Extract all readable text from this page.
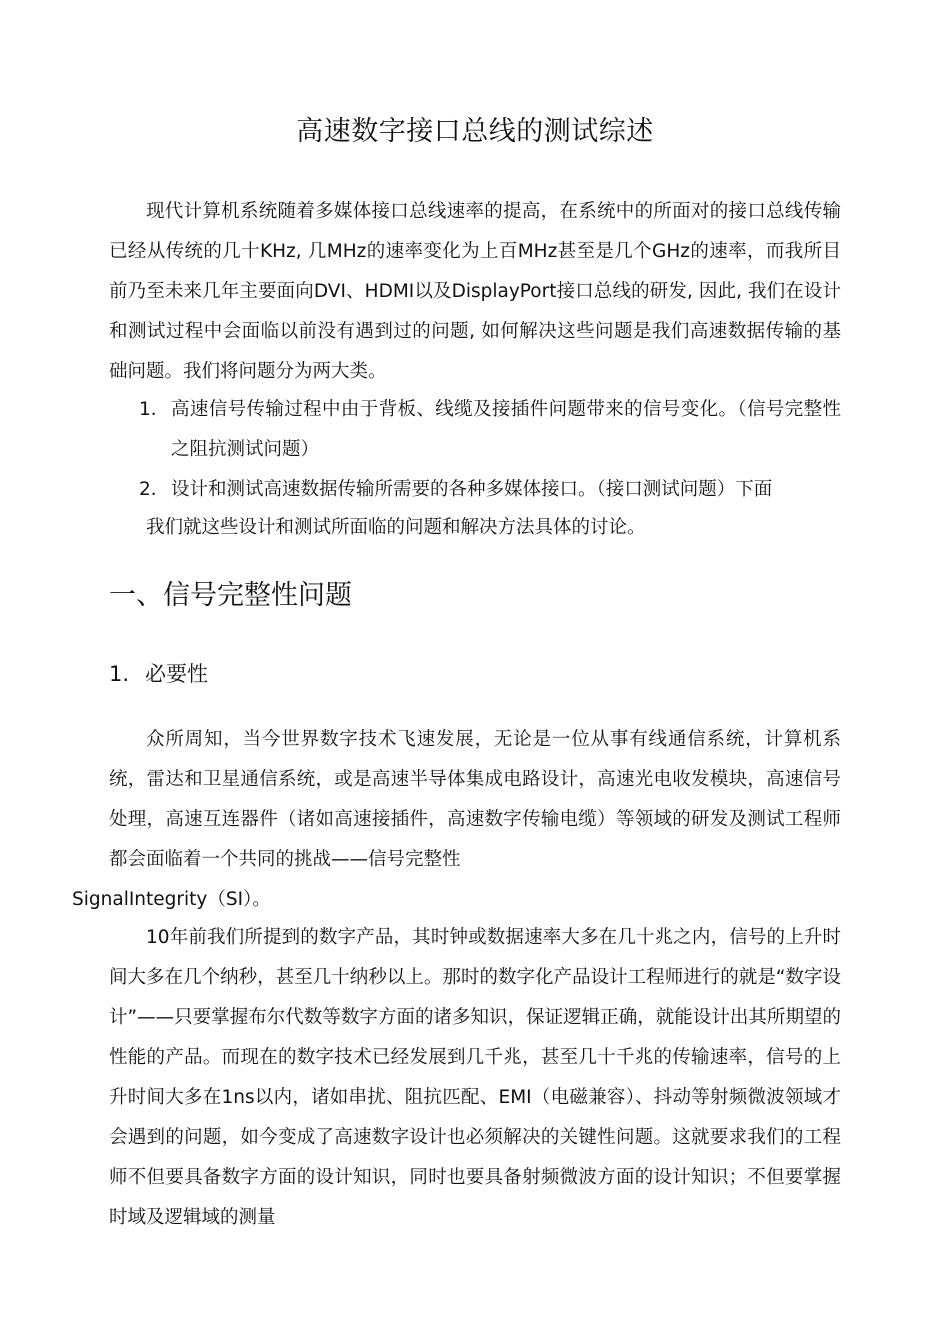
高速数字接口总线的测试综述

现代计算机系统随着多媒体接口总线速率的提高，在系统中的所面对的接口总线传输已经从传统的几十KHz, 几MHz的速率变化为上百MHz甚至是几个GHz的速率，而我所目前乃至未来几年主要面向DVI、HDMI以及DisplayPort接口总线的研发, 因此, 我们在设计和测试过程中会面临以前没有遇到过的问题, 如何解决这些问题是我们高速数据传输的基础问题。我们将问题分为两大类。

1． 高速信号传输过程中由于背板、线缆及接插件问题带来的信号变化。（信号完整性之阻抗测试问题）
2． 设计和测试高速数据传输所需要的各种多媒体接口。（接口测试问题）下面

我们就这些设计和测试所面临的问题和解决方法具体的讨论。

一、信号完整性问题
1. 必要性

众所周知，当今世界数字技术飞速发展，无论是一位从事有线通信系统，计算机系统，雷达和卫星通信系统，或是高速半导体集成电路设计，高速光电收发模块，高速信号处理，高速互连器件（诸如高速接插件，高速数字传输电缆）等领域的研发及测试工程师都会面临着一个共同的挑战——信号完整性
SignalIntegrity（SI）。

10年前我们所提到的数字产品，其时钟或数据速率大多在几十兆之内，信号的上升时间大多在几个纳秒，甚至几十纳秒以上。那时的数字化产品设计工程师进行的就是“数字设计”——只要掌握布尔代数等数字方面的诸多知识，保证逻辑正确，就能设计出其所期望的性能的产品。而现在的数字技术已经发展到几千兆，甚至几十千兆的传输速率，信号的上升时间大多在1ns以内，诸如串扰、阻抗匹配、EMI（电磁兼容）、抖动等射频微波领域才会遇到的问题，如今变成了高速数字设计也必须解决的关键性问题。这就要求我们的工程师不但要具备数字方面的设计知识，同时也要具备射频微波方面的设计知识；不但要掌握时域及逻辑域的测量
